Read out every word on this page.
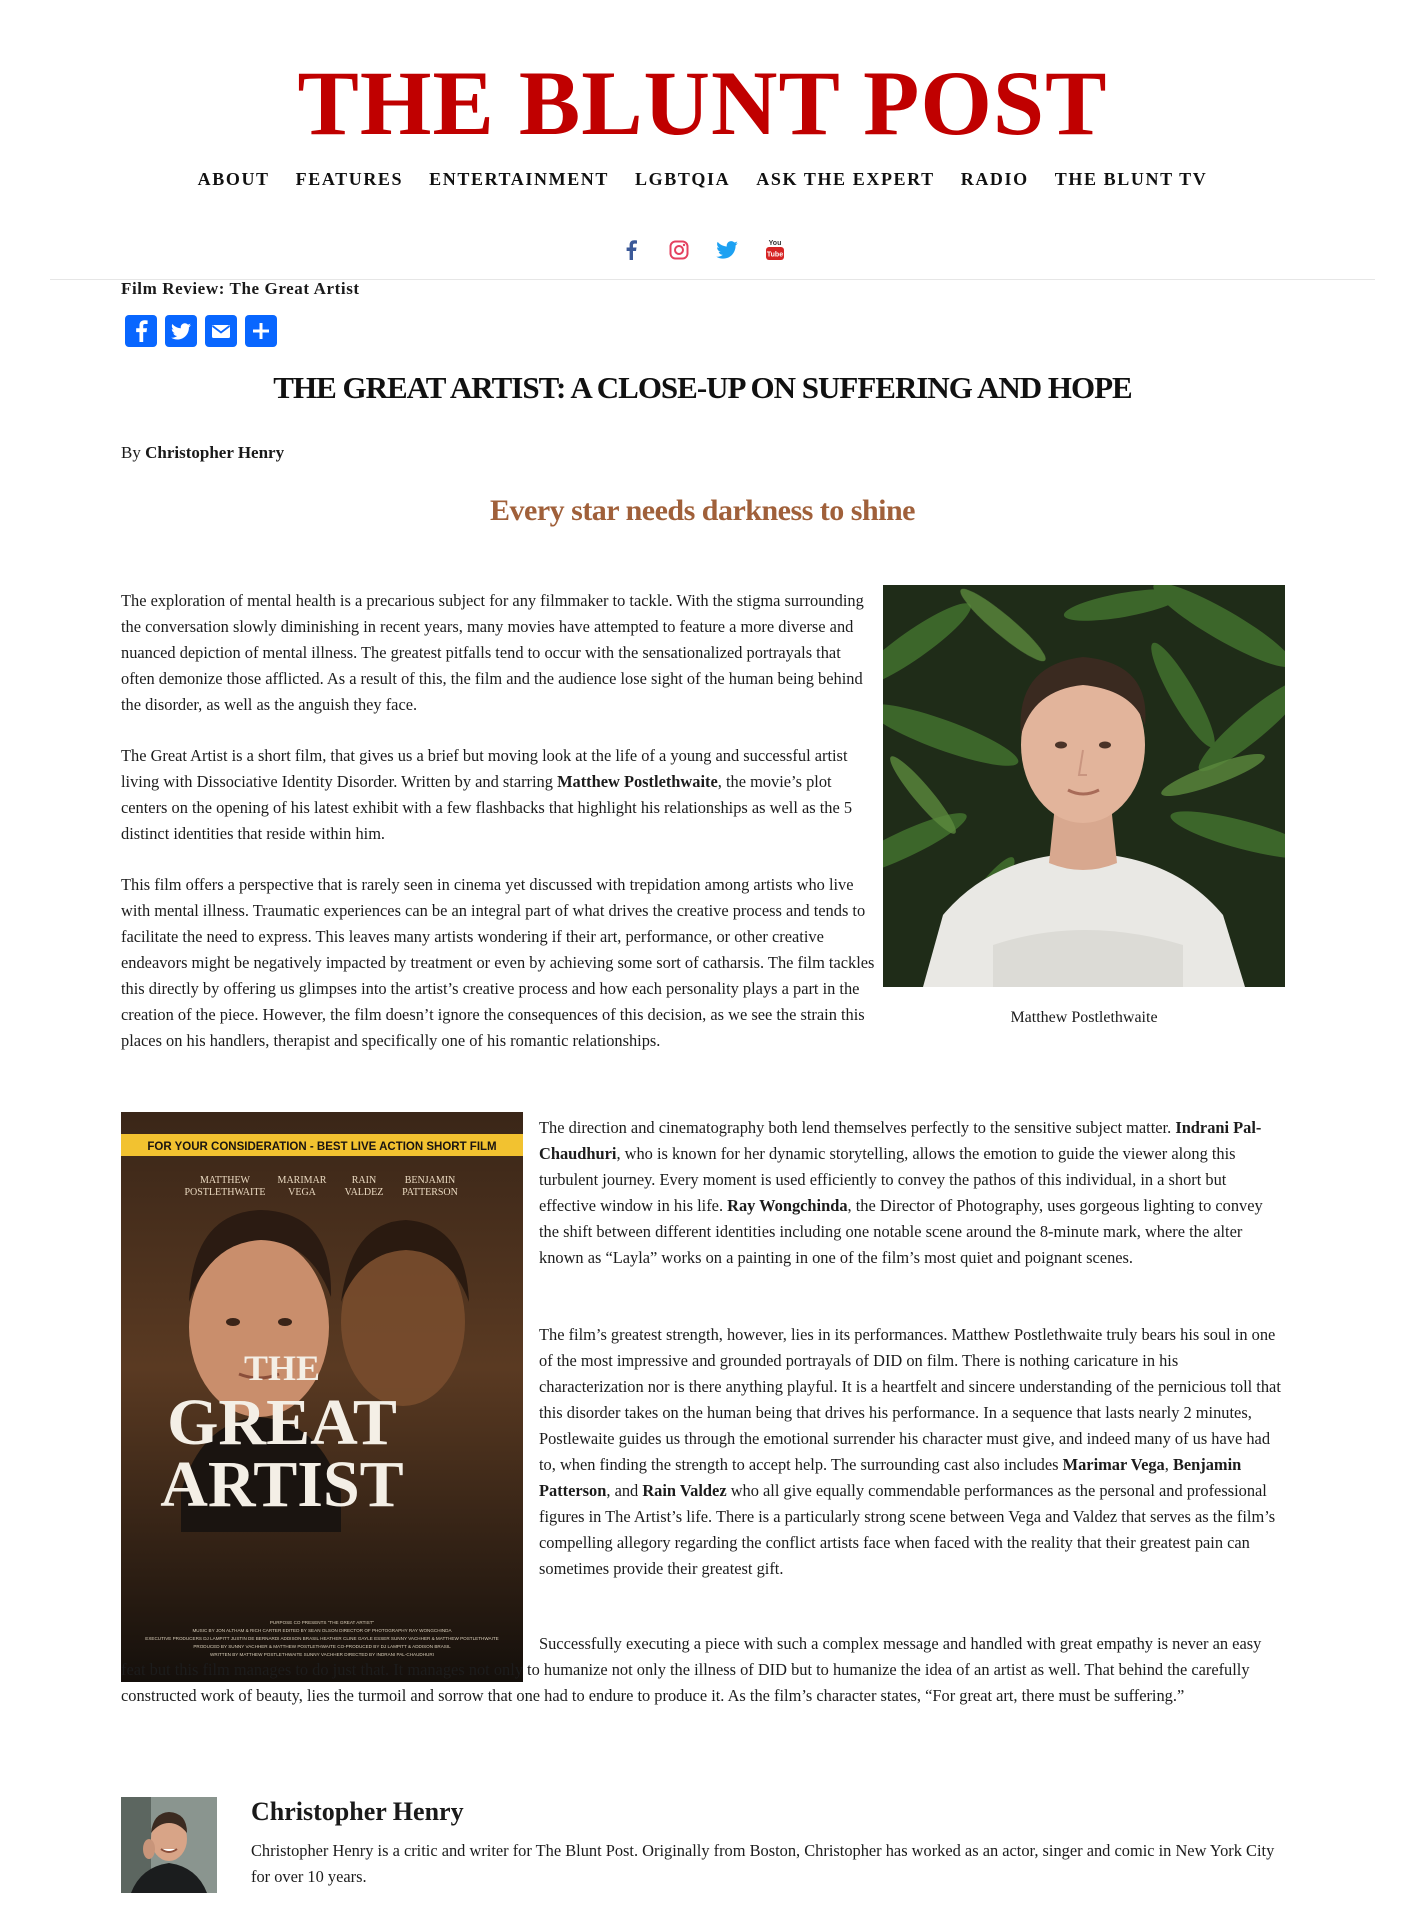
THE BLUNT POST
ABOUT FEATURES ENTERTAINMENT LGBTQIA ASK THE EXPERT RADIO THE BLUNT TV
You
Tube
Film Review: The Great Artist
THE GREAT ARTIST: A CLOSE-UP ON SUFFERING AND HOPE
By Christopher Henry
Every star needs darkness to shine

The exploration of mental health is a precarious subject for any filmmaker to tackle. With the stigma surrounding the conversation slowly diminishing in recent years, many movies have attempted to feature a more diverse and nuanced depiction of mental illness. The greatest pitfalls tend to occur with the sensationalized portrayals that often demonize those afflicted. As a result of this, the film and the audience lose sight of the human being behind the disorder, as well as the anguish they face.

The Great Artist is a short film, that gives us a brief but moving look at the life of a young and successful artist living with Dissociative Identity Disorder. Written by and starring Matthew Postlethwaite, the movie’s plot centers on the opening of his latest exhibit with a few flashbacks that highlight his relationships as well as the 5 distinct identities that reside within him.

This film offers a perspective that is rarely seen in cinema yet discussed with trepidation among artists who live with mental illness. Traumatic experiences can be an integral part of what drives the creative process and tends to facilitate the need to express. This leaves many artists wondering if their art, performance, or other creative endeavors might be negatively impacted by treatment or even by achieving some sort of catharsis. The film tackles this directly by offering us glimpses into the artist’s creative process and how each personality plays a part in the creation of the piece. However, the film doesn’t ignore the consequences of this decision, as we see the strain this places on his handlers, therapist and specifically one of his romantic relationships.

Matthew Postlethwaite
FOR YOUR CONSIDERATION - BEST LIVE ACTION SHORT FILM
MATTHEW
POSTLETHWAITE
MARIMAR
VEGA
RAIN
VALDEZ
BENJAMIN
PATTERSON
THE
GREAT
ARTIST
PURPOSE CO PRESENTS "THE GREAT ARTIST"
MUSIC BY JON ALTHAM & RICH CARTER EDITED BY SEAN OLSON DIRECTOR OF PHOTOGRAPHY RAY WONGCHINDA
EXECUTIVE PRODUCERS DJ LAMPITT JUSTIN DE BERNARDI ADDISON BRASIL HEATHER CLINE GAYLE ESSER SUNNY VACHHER & MATTHEW POSTLETHWAITE
PRODUCED BY SUNNY VACHHER & MATTHEW POSTLETHWAITE CO-PRODUCED BY DJ LAMPITT & ADDISON BRASIL
WRITTEN BY MATTHEW POSTLETHWAITE SUNNY VACHHER DIRECTED BY INDRANI PAL-CHAUDHURI

The direction and cinematography both lend themselves perfectly to the sensitive subject matter. Indrani Pal-Chaudhuri, who is known for her dynamic storytelling, allows the emotion to guide the viewer along this turbulent journey. Every moment is used efficiently to convey the pathos of this individual, in a short but effective window in his life. Ray Wongchinda, the Director of Photography, uses gorgeous lighting to convey the shift between different identities including one notable scene around the 8-minute mark, where the alter known as “Layla” works on a painting in one of the film’s most quiet and poignant scenes.

The film’s greatest strength, however, lies in its performances. Matthew Postlethwaite truly bears his soul in one of the most impressive and grounded portrayals of DID on film. There is nothing caricature in his characterization nor is there anything playful. It is a heartfelt and sincere understanding of the pernicious toll that this disorder takes on the human being that drives his performance. In a sequence that lasts nearly 2 minutes, Postlewaite guides us through the emotional surrender his character must give, and indeed many of us have had to, when finding the strength to accept help. The surrounding cast also includes Marimar Vega, Benjamin Patterson, and Rain Valdez who all give equally commendable performances as the personal and professional figures in The Artist’s life. There is a particularly strong scene between Vega and Valdez that serves as the film’s compelling allegory regarding the conflict artists face when faced with the reality that their greatest pain can sometimes provide their greatest gift.

Successfully executing a piece with such a complex message and handled with great empathy is never an easy feat but this film manages to do just that. It manages not only to humanize not only the illness of DID but to humanize the idea of an artist as well. That behind the carefully constructed work of beauty, lies the turmoil and sorrow that one had to endure to produce it. As the film’s character states, “For great art, there must be suffering.”

Christopher Henry
Christopher Henry is a critic and writer for The Blunt Post. Originally from Boston, Christopher has worked as an actor, singer and comic in New York City for over 10 years.
